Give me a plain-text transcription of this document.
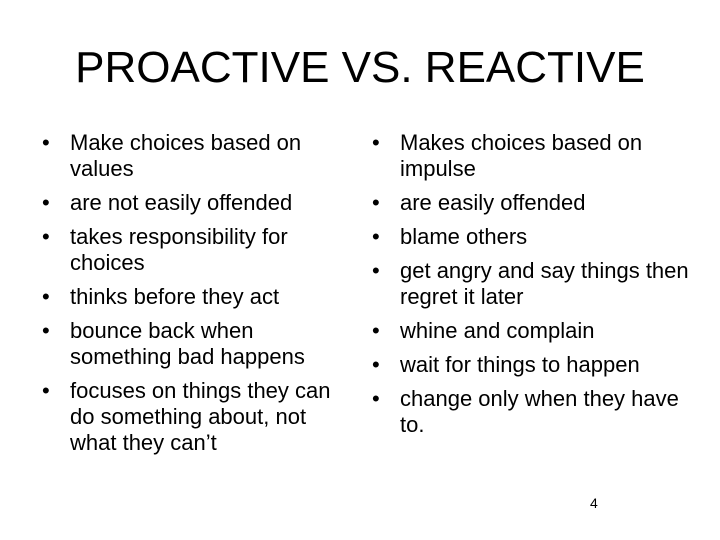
PROACTIVE VS. REACTIVE
• Make choices based on values
• are not easily offended
• takes responsibility for choices
• thinks before they act
• bounce back when something bad happens
• focuses on things they can do something about, not what they can’t
• Makes choices based on impulse
• are easily offended
• blame others
• get angry and say things then regret it later
• whine and complain
• wait for things to happen
• change only when they have to.
4
